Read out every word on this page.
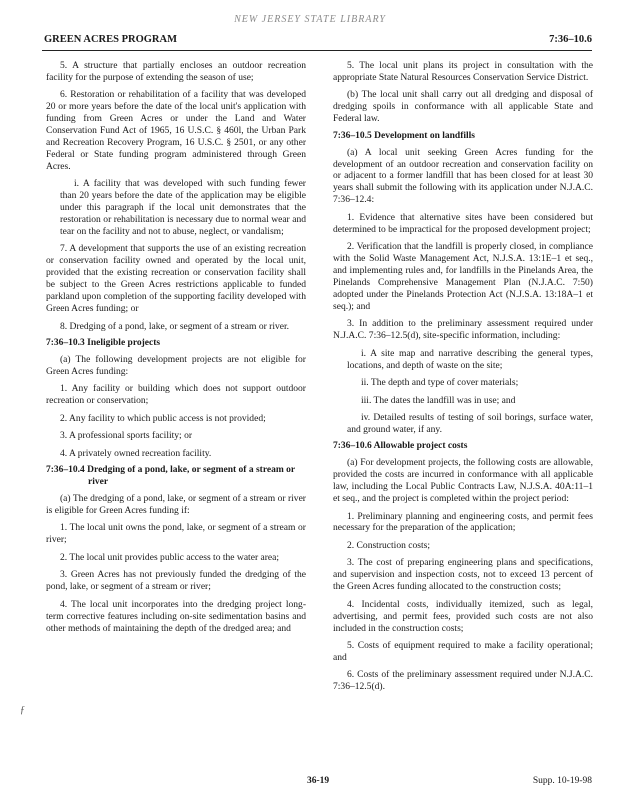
NEW JERSEY STATE LIBRARY
GREEN ACRES PROGRAM	7:36–10.6

5. A structure that partially encloses an outdoor recreation facility for the purpose of extending the season of use;

6. Restoration or rehabilitation of a facility that was developed 20 or more years before the date of the local unit's application with funding from Green Acres or under the Land and Water Conservation Fund Act of 1965, 16 U.S.C. § 460l, the Urban Park and Recreation Recovery Program, 16 U.S.C. § 2501, or any other Federal or State funding program administered through Green Acres.

i. A facility that was developed with such funding fewer than 20 years before the date of the application may be eligible under this paragraph if the local unit demonstrates that the restoration or rehabilitation is necessary due to normal wear and tear on the facility and not to abuse, neglect, or vandalism;

7. A development that supports the use of an existing recreation or conservation facility owned and operated by the local unit, provided that the existing recreation or conservation facility shall be subject to the Green Acres restrictions applicable to funded parkland upon completion of the supporting facility developed with Green Acres funding; or

8. Dredging of a pond, lake, or segment of a stream or river.

7:36–10.3 Ineligible projects

(a) The following development projects are not eligible for Green Acres funding:

1. Any facility or building which does not support outdoor recreation or conservation;

2. Any facility to which public access is not provided;

3. A professional sports facility; or

4. A privately owned recreation facility.

7:36–10.4 Dredging of a pond, lake, or segment of a stream or river

(a) The dredging of a pond, lake, or segment of a stream or river is eligible for Green Acres funding if:

1. The local unit owns the pond, lake, or segment of a stream or river;

2. The local unit provides public access to the water area;

3. Green Acres has not previously funded the dredging of the pond, lake, or segment of a stream or river;

4. The local unit incorporates into the dredging project long-term corrective features including on-site sedimentation basins and other methods of maintaining the depth of the dredged area; and

5. The local unit plans its project in consultation with the appropriate State Natural Resources Conservation Service District.

(b) The local unit shall carry out all dredging and disposal of dredging spoils in conformance with all applicable State and Federal law.

7:36–10.5 Development on landfills

(a) A local unit seeking Green Acres funding for the development of an outdoor recreation and conservation facility on or adjacent to a former landfill that has been closed for at least 30 years shall submit the following with its application under N.J.A.C. 7:36–12.4:

1. Evidence that alternative sites have been considered but determined to be impractical for the proposed development project;

2. Verification that the landfill is properly closed, in compliance with the Solid Waste Management Act, N.J.S.A. 13:1E–1 et seq., and implementing rules and, for landfills in the Pinelands Area, the Pinelands Comprehensive Management Plan (N.J.A.C. 7:50) adopted under the Pinelands Protection Act (N.J.S.A. 13:18A–1 et seq.); and

3. In addition to the preliminary assessment required under N.J.A.C. 7:36–12.5(d), site-specific information, including:

i. A site map and narrative describing the general types, locations, and depth of waste on the site;

ii. The depth and type of cover materials;

iii. The dates the landfill was in use; and

iv. Detailed results of testing of soil borings, surface water, and ground water, if any.

7:36–10.6 Allowable project costs

(a) For development projects, the following costs are allowable, provided the costs are incurred in conformance with all applicable law, including the Local Public Contracts Law, N.J.S.A. 40A:11–1 et seq., and the project is completed within the project period:

1. Preliminary planning and engineering costs, and permit fees necessary for the preparation of the application;

2. Construction costs;

3. The cost of preparing engineering plans and specifications, and supervision and inspection costs, not to exceed 13 percent of the Green Acres funding allocated to the construction costs;

4. Incidental costs, individually itemized, such as legal, advertising, and permit fees, provided such costs are not also included in the construction costs;

5. Costs of equipment required to make a facility operational; and

6. Costs of the preliminary assessment required under N.J.A.C. 7:36–12.5(d).

ƒ
36-19	Supp. 10-19-98
